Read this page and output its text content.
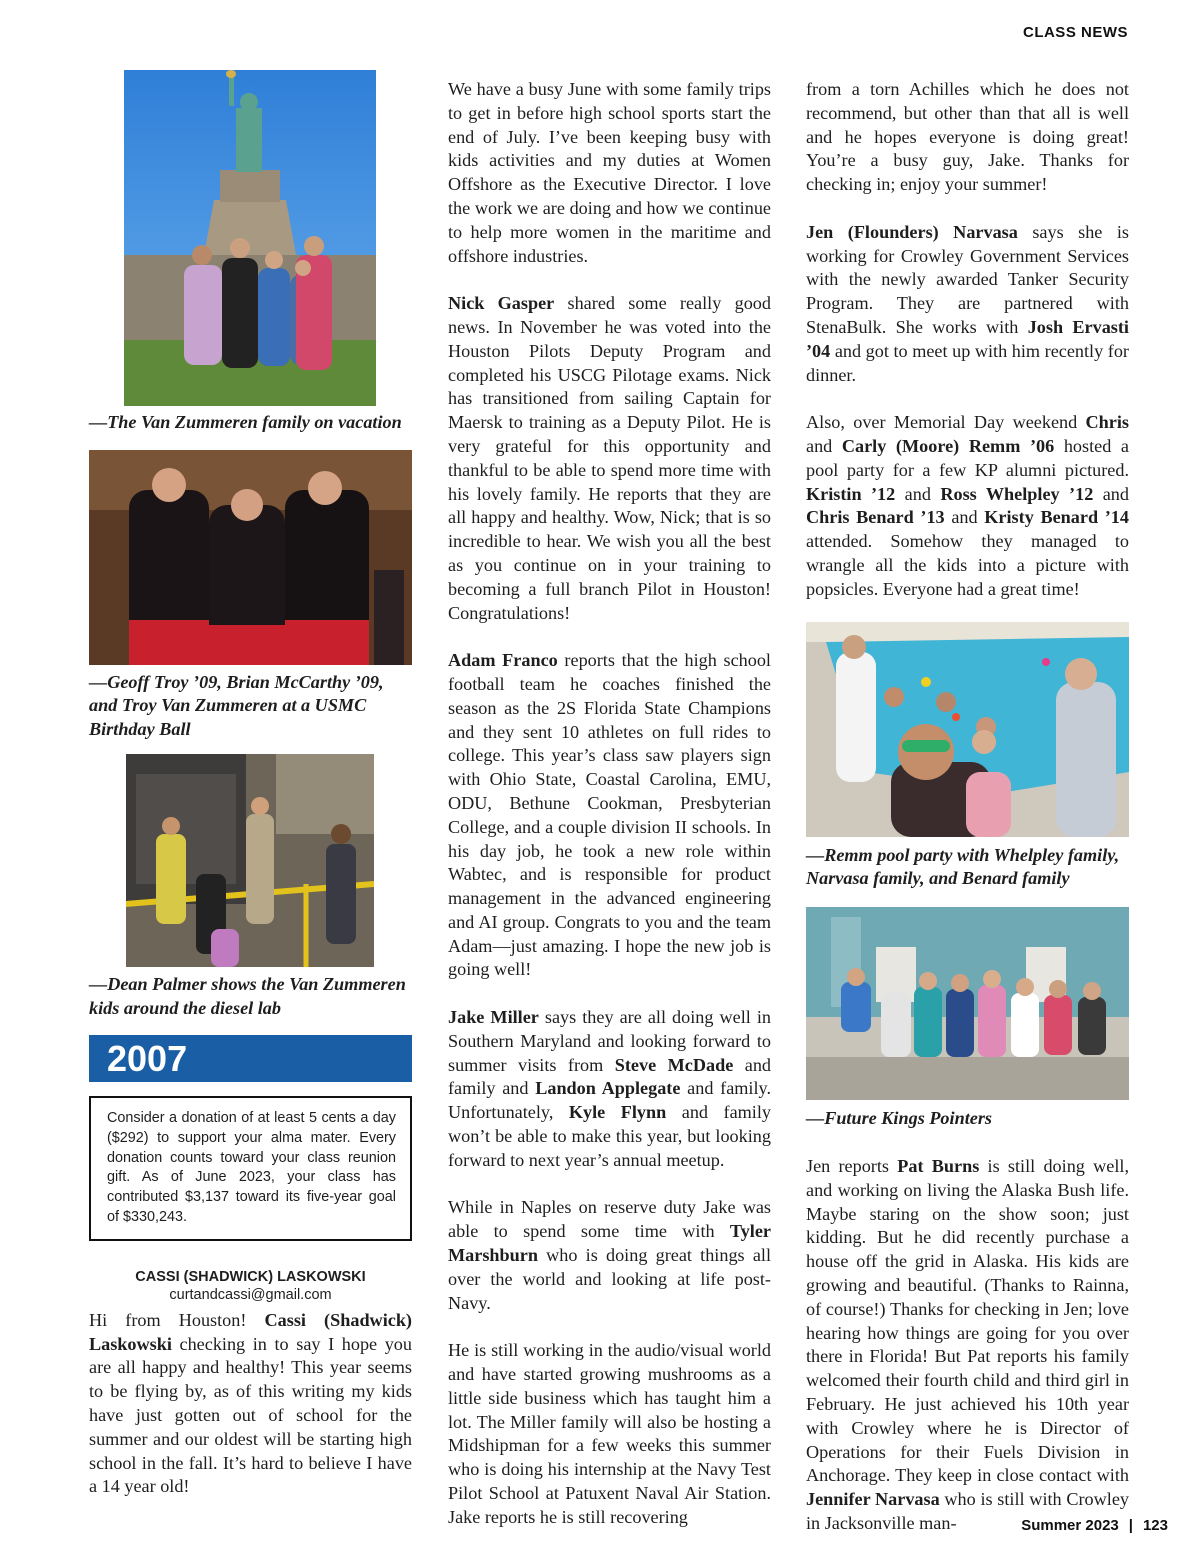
CLASS NEWS
—The Van Zummeren family on vacation
—Geoff Troy ’09, Brian McCarthy ’09, and Troy Van Zummeren at a USMC Birthday Ball
—Dean Palmer shows the Van Zummeren kids around the diesel lab
2007
Consider a donation of at least 5 cents a day ($292) to support your alma mater. Every donation counts toward your class reunion gift. As of June 2023, your class has contributed $3,137 toward its five-year goal of $330,243.
CASSI (SHADWICK) LASKOWSKI
curtandcassi@gmail.com

Hi from Houston! Cassi (Shadwick) Laskowski checking in to say I hope you are all happy and healthy! This year seems to be flying by, as of this writing my kids have just gotten out of school for the summer and our oldest will be starting high school in the fall. It’s hard to believe I have a 14 year old!

We have a busy June with some family trips to get in before high school sports start the end of July. I’ve been keeping busy with kids activities and my duties at Women Offshore as the Executive Director. I love the work we are doing and how we continue to help more women in the maritime and offshore industries.

Nick Gasper shared some really good news. In November he was voted into the Houston Pilots Deputy Program and completed his USCG Pilotage exams. Nick has transitioned from sailing Captain for Maersk to training as a Deputy Pilot. He is very grateful for this opportunity and thankful to be able to spend more time with his lovely family. He reports that they are all happy and healthy. Wow, Nick; that is so incredible to hear. We wish you all the best as you continue on in your training to becoming a full branch Pilot in Houston! Congratulations!

Adam Franco reports that the high school football team he coaches finished the season as the 2S Florida State Champions and they sent 10 athletes on full rides to college. This year’s class saw players sign with Ohio State, Coastal Carolina, EMU, ODU, Bethune Cookman, Presbyterian College, and a couple division II schools. In his day job, he took a new role within Wabtec, and is responsible for product management in the advanced engineering and AI group. Congrats to you and the team Adam—just amazing. I hope the new job is going well!

Jake Miller says they are all doing well in Southern Maryland and looking forward to summer visits from Steve McDade and family and Landon Applegate and family. Unfortunately, Kyle Flynn and family won’t be able to make this year, but looking forward to next year’s annual meetup.

While in Naples on reserve duty Jake was able to spend some time with Tyler Marshburn who is doing great things all over the world and looking at life post-Navy.

He is still working in the audio/visual world and have started growing mushrooms as a little side business which has taught him a lot. The Miller family will also be hosting a Midshipman for a few weeks this summer who is doing his internship at the Navy Test Pilot School at Patuxent Naval Air Station. Jake reports he is still recovering

from a torn Achilles which he does not recommend, but other than that all is well and he hopes everyone is doing great! You’re a busy guy, Jake. Thanks for checking in; enjoy your summer!

Jen (Flounders) Narvasa says she is working for Crowley Government Services with the newly awarded Tanker Security Program. They are partnered with StenaBulk. She works with Josh Ervasti ’04 and got to meet up with him recently for dinner.

Also, over Memorial Day weekend Chris and Carly (Moore) Remm ’06 hosted a pool party for a few KP alumni pictured. Kristin ’12 and Ross Whelpley ’12 and Chris Benard ’13 and Kristy Benard ’14 attended. Somehow they managed to wrangle all the kids into a picture with popsicles. Everyone had a great time!

—Remm pool party with Whelpley family, Narvasa family, and Benard family
—Future Kings Pointers

Jen reports Pat Burns is still doing well, and working on living the Alaska Bush life. Maybe staring on the show soon; just kidding. But he did recently purchase a house off the grid in Alaska. His kids are growing and beautiful. (Thanks to Rainna, of course!) Thanks for checking in Jen; love hearing how things are going for you over there in Florida! But Pat reports his family welcomed their fourth child and third girl in February. He just achieved his 10th year with Crowley where he is Director of Operations for their Fuels Division in Anchorage. They keep in close contact with Jennifer Narvasa who is still with Crowley in Jacksonville man-	Summer 2023 | 123
